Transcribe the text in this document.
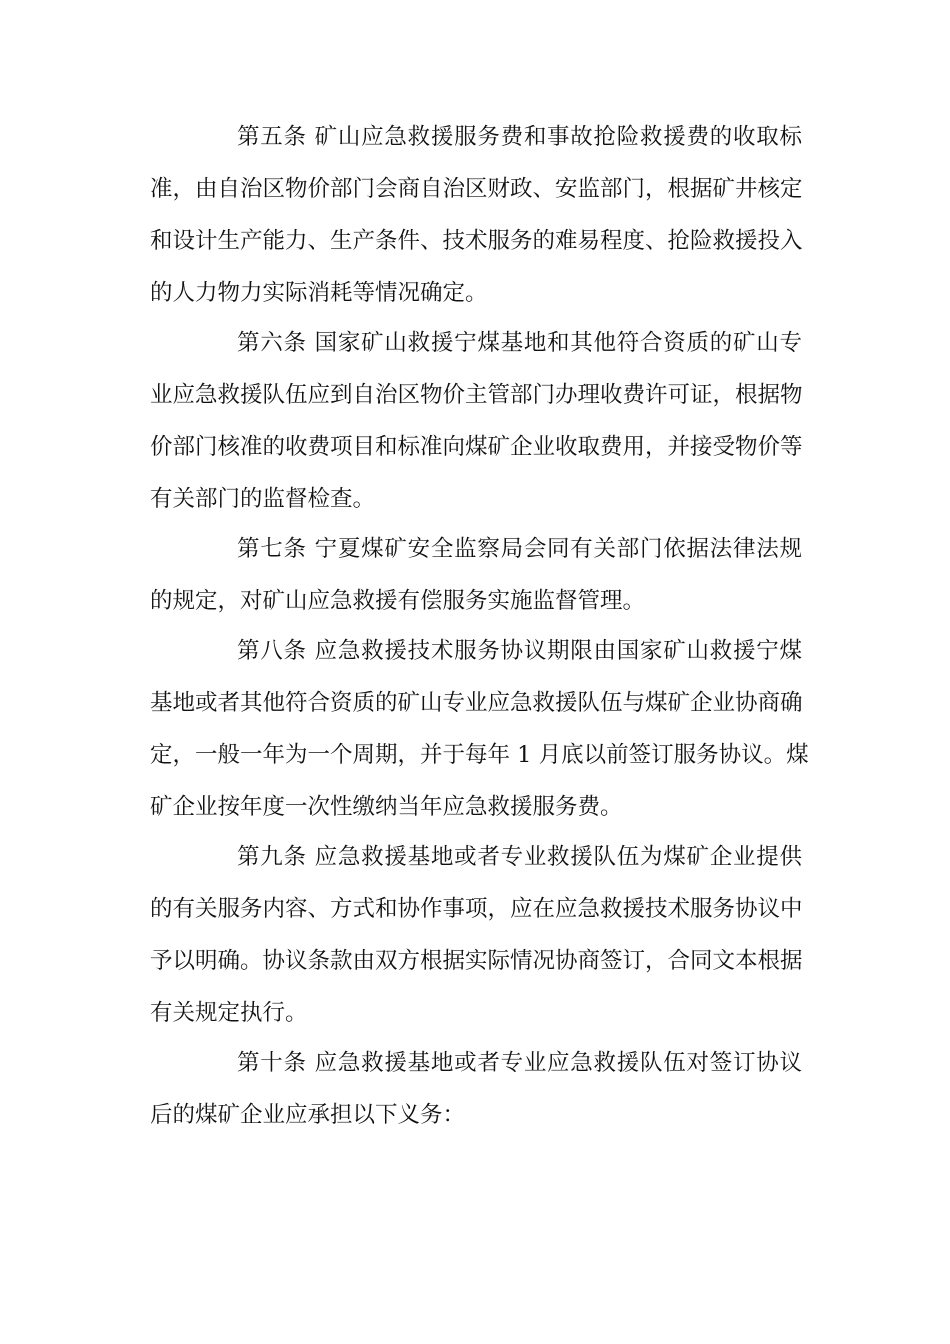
第五条 矿山应急救援服务费和事故抢险救援费的收取标
准，由自治区物价部门会商自治区财政、安监部门，根据矿井核定
和设计生产能力、生产条件、技术服务的难易程度、抢险救援投入
的人力物力实际消耗等情况确定。
第六条 国家矿山救援宁煤基地和其他符合资质的矿山专
业应急救援队伍应到自治区物价主管部门办理收费许可证，根据物
价部门核准的收费项目和标准向煤矿企业收取费用，并接受物价等
有关部门的监督检查。
第七条 宁夏煤矿安全监察局会同有关部门依据法律法规
的规定，对矿山应急救援有偿服务实施监督管理。
第八条 应急救援技术服务协议期限由国家矿山救援宁煤
基地或者其他符合资质的矿山专业应急救援队伍与煤矿企业协商确
定，一般一年为一个周期，并于每年 1 月底以前签订服务协议。煤
矿企业按年度一次性缴纳当年应急救援服务费。
第九条 应急救援基地或者专业救援队伍为煤矿企业提供
的有关服务内容、方式和协作事项，应在应急救援技术服务协议中
予以明确。协议条款由双方根据实际情况协商签订，合同文本根据
有关规定执行。
第十条 应急救援基地或者专业应急救援队伍对签订协议
后的煤矿企业应承担以下义务：
